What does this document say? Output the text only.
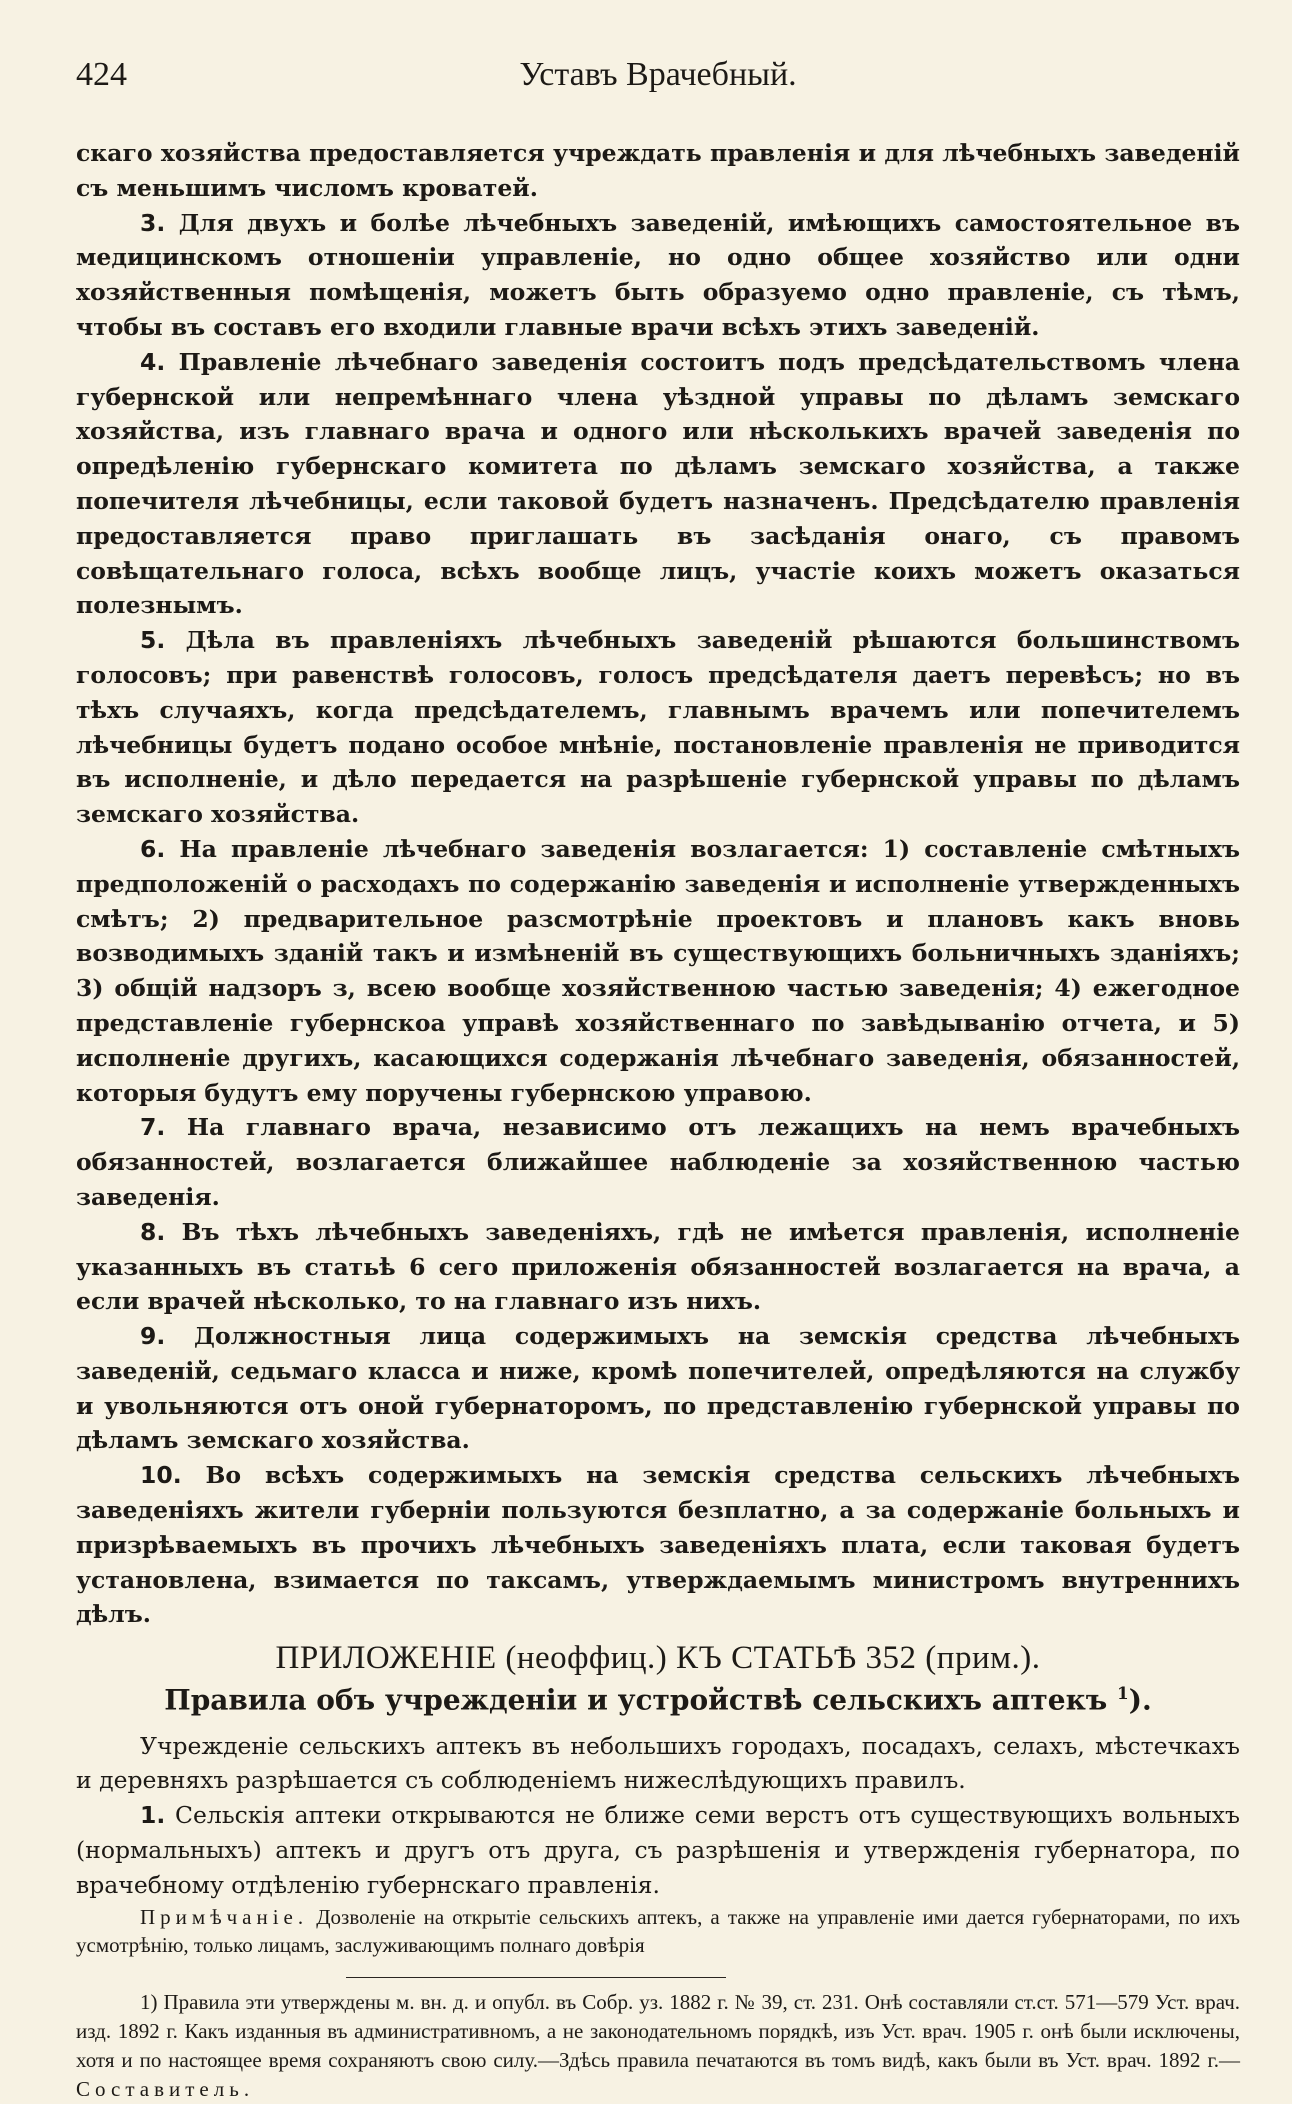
424	Уставъ Врачебный.

скаго хозяйства предоставляется учреждать правленія и для лѣчебныхъ заведеній съ меньшимъ числомъ кроватей.

3. Для двухъ и болѣе лѣчебныхъ заведеній, имѣющихъ самостоятельное въ медицинскомъ отношеніи управленіе, но одно общее хозяйство или одни хозяйственныя помѣщенія, можетъ быть образуемо одно правленіе, съ тѣмъ, чтобы въ составъ его входили главные врачи всѣхъ этихъ заведеній.

4. Правленіе лѣчебнаго заведенія состоитъ подъ предсѣдательствомъ члена губернской или непремѣннаго члена уѣздной управы по дѣламъ земскаго хозяйства, изъ главнаго врача и одного или нѣсколькихъ врачей заведенія по опредѣленію губернскаго комитета по дѣламъ земскаго хозяйства, а также попечителя лѣчебницы, если таковой будетъ назначенъ. Предсѣдателю правленія предоставляется право приглашать въ засѣданія онаго, съ правомъ совѣщательнаго голоса, всѣхъ вообще лицъ, участіе коихъ можетъ оказаться полезнымъ.

5. Дѣла въ правленіяхъ лѣчебныхъ заведеній рѣшаются большинствомъ голосовъ; при равенствѣ голосовъ, голосъ предсѣдателя даетъ перевѣсъ; но въ тѣхъ случаяхъ, когда предсѣдателемъ, главнымъ врачемъ или попечителемъ лѣчебницы будетъ подано особое мнѣніе, постановленіе правленія не приводится въ исполненіе, и дѣло передается на разрѣшеніе губернской управы по дѣламъ земскаго хозяйства.

6. На правленіе лѣчебнаго заведенія возлагается: 1) составленіе смѣтныхъ предположеній о расходахъ по содержанію заведенія и исполненіе утвержденныхъ смѣтъ; 2) предварительное разсмотрѣніе проектовъ и плановъ какъ вновь возводимыхъ зданій такъ и измѣненій въ существующихъ больничныхъ зданіяхъ; 3) общій надзоръ з, всею вообще хозяйственною частью заведенія; 4) ежегодное представленіе губернскоа управѣ хозяйственнаго по завѣдыванію отчета, и 5) исполненіе другихъ, касающихся содержанія лѣчебнаго заведенія, обязанностей, которыя будутъ ему поручены губернскою управою.

7. На главнаго врача, независимо отъ лежащихъ на немъ врачебныхъ обязанностей, возлагается ближайшее наблюденіе за хозяйственною частью заведенія.

8. Въ тѣхъ лѣчебныхъ заведеніяхъ, гдѣ не имѣется правленія, исполненіе указанныхъ въ статьѣ 6 сего приложенія обязанностей возлагается на врача, а если врачей нѣсколько, то на главнаго изъ нихъ.

9. Должностныя лица содержимыхъ на земскія средства лѣчебныхъ заведеній, седьмаго класса и ниже, кромѣ попечителей, опредѣляются на службу и увольняются отъ оной губернаторомъ, по представленію губернской управы по дѣламъ земскаго хозяйства.

10. Во всѣхъ содержимыхъ на земскія средства сельскихъ лѣчебныхъ заведеніяхъ жители губерніи пользуются безплатно, а за содержаніе больныхъ и призрѣваемыхъ въ прочихъ лѣчебныхъ заведеніяхъ плата, если таковая будетъ установлена, взимается по таксамъ, утверждаемымъ министромъ внутреннихъ дѣлъ.

ПРИЛОЖЕНІЕ (неоффиц.) КЪ СТАТЬѢ 352 (прим.).
Правила объ учрежденіи и устройствѣ сельскихъ аптекъ $^1$).

Учрежденіе сельскихъ аптекъ въ небольшихъ городахъ, посадахъ, селахъ, мѣстечкахъ и деревняхъ разрѣшается съ соблюденіемъ нижеслѣдующихъ правилъ.

1. Сельскія аптеки открываются не ближе семи верстъ отъ существующихъ вольныхъ (нормальныхъ) аптекъ и другъ отъ друга, съ разрѣшенія и утвержденія губернатора, по врачебному отдѣленію губернскаго правленія.

Примѣчаніе. Дозволеніе на открытіе сельскихъ аптекъ, а также на управленіе ими дается губернаторами, по ихъ усмотрѣнію, только лицамъ, заслуживающимъ полнаго довѣрія

1) Правила эти утверждены м. вн. д. и опубл. въ Собр. уз. 1882 г. № 39, ст. 231. Онѣ составляли ст.ст. 571—579 Уст. врач. изд. 1892 г. Какъ изданныя въ административномъ, а не законодательномъ порядкѣ, изъ Уст. врач. 1905 г. онѣ были исключены, хотя и по настоящее время сохраняютъ свою силу.—Здѣсь правила печатаются въ томъ видѣ, какъ были въ Уст. врач. 1892 г.—Составитель.
